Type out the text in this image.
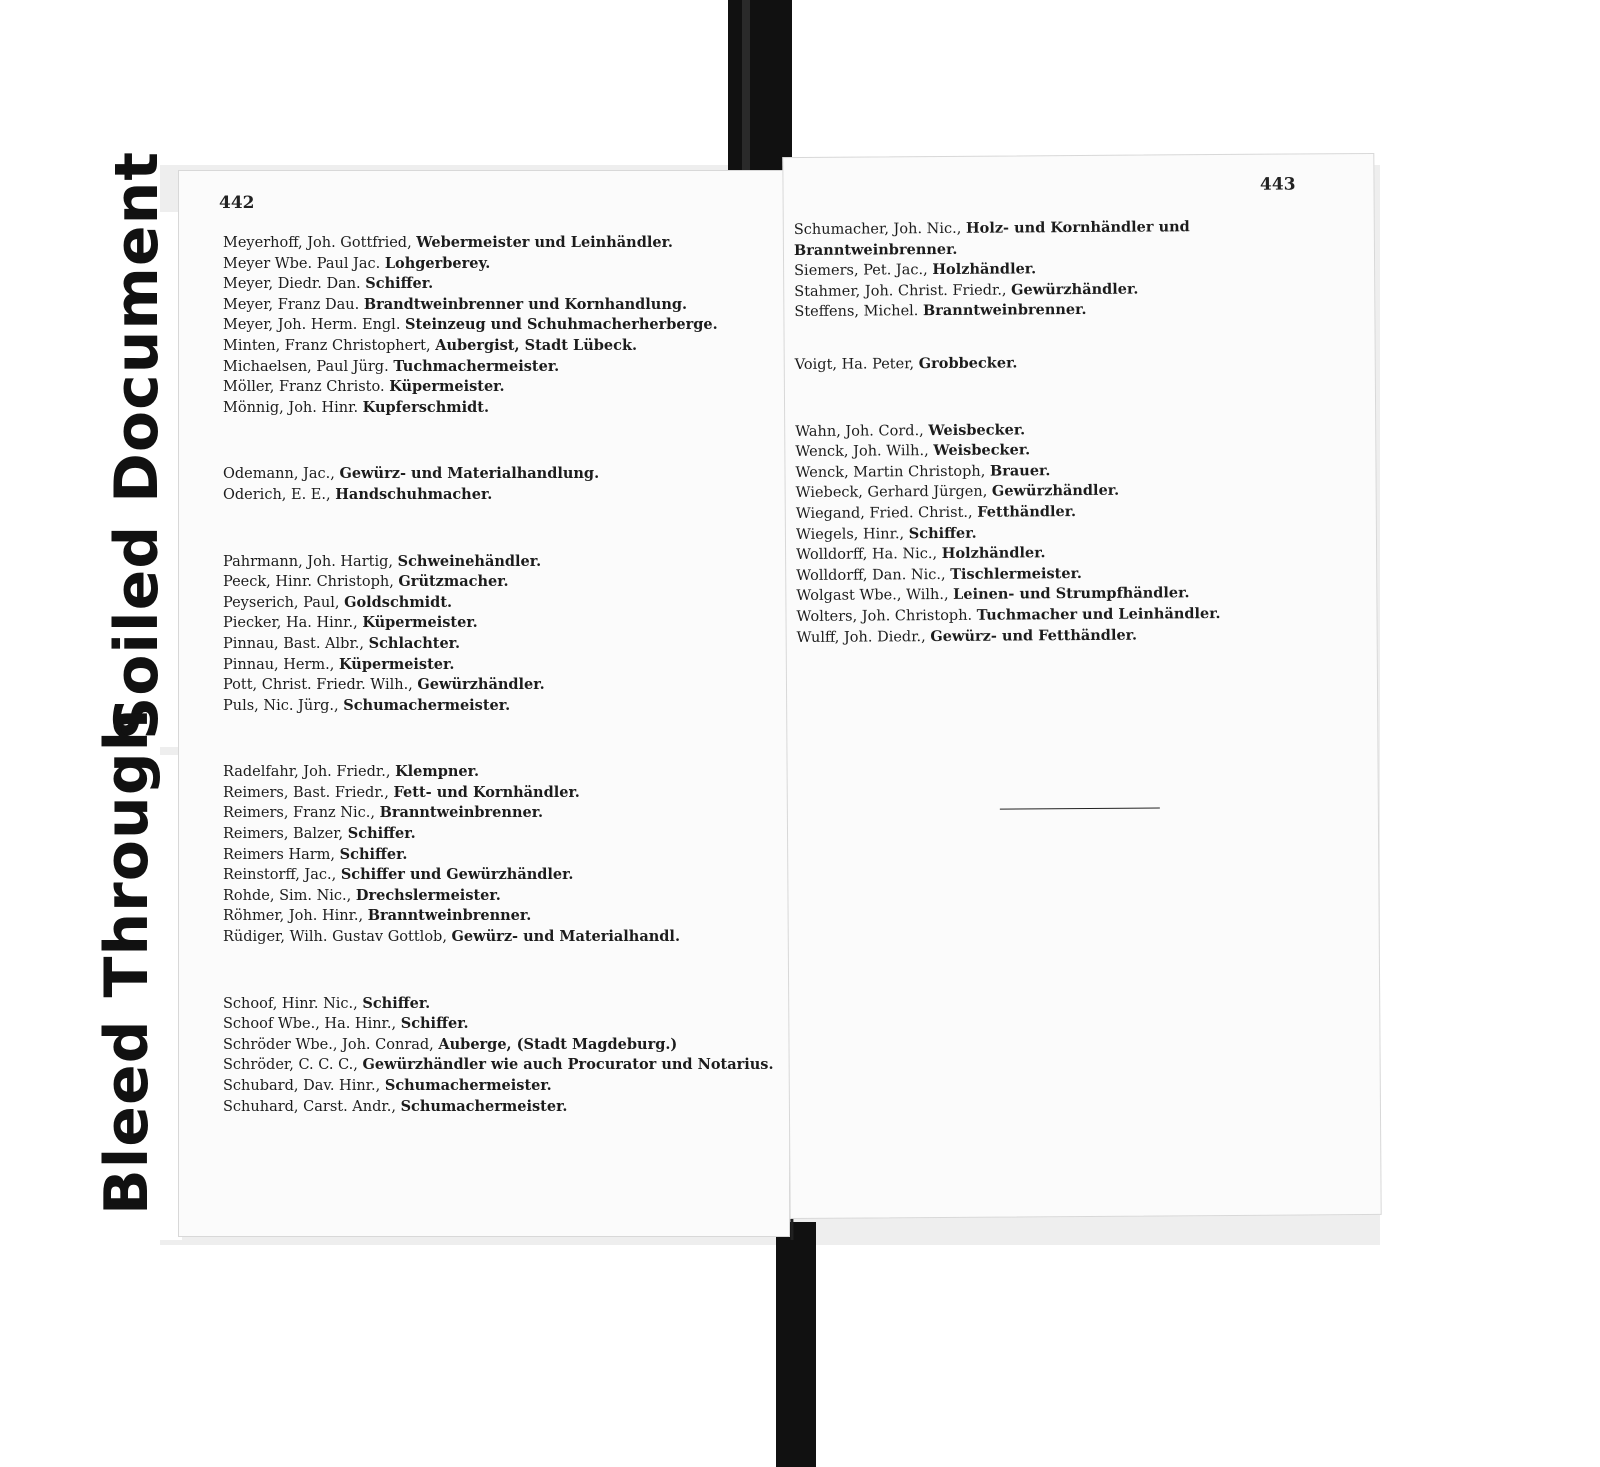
Soiled Document
Bleed Through
442
Meyerhoff, Joh. Gottfried, Webermeister und Leinhändler.
Meyer Wbe. Paul Jac. Lohgerberey.
Meyer, Diedr. Dan. Schiffer.
Meyer, Franz Dau. Brandtweinbrenner und Kornhandlung.
Meyer, Joh. Herm. Engl. Steinzeug und Schuhmacherherberge.
Minten, Franz Christophert, Aubergist, Stadt Lübeck.
Michaelsen, Paul Jürg. Tuchmachermeister.
Möller, Franz Christo. Küpermeister.
Mönnig, Joh. Hinr. Kupferschmidt.
Odemann, Jac., Gewürz- und Materialhandlung.
Oderich, E. E., Handschuhmacher.
Pahrmann, Joh. Hartig, Schweinehändler.
Peeck, Hinr. Christoph, Grützmacher.
Peyserich, Paul, Goldschmidt.
Piecker, Ha. Hinr., Küpermeister.
Pinnau, Bast. Albr., Schlachter.
Pinnau, Herm., Küpermeister.
Pott, Christ. Friedr. Wilh., Gewürzhändler.
Puls, Nic. Jürg., Schumachermeister.
Radelfahr, Joh. Friedr., Klempner.
Reimers, Bast. Friedr., Fett- und Kornhändler.
Reimers, Franz Nic., Branntweinbrenner.
Reimers, Balzer, Schiffer.
Reimers Harm, Schiffer.
Reinstorff, Jac., Schiffer und Gewürzhändler.
Rohde, Sim. Nic., Drechslermeister.
Röhmer, Joh. Hinr., Branntweinbrenner.
Rüdiger, Wilh. Gustav Gottlob, Gewürz- und Materialhandl.
Schoof, Hinr. Nic., Schiffer.
Schoof Wbe., Ha. Hinr., Schiffer.
Schröder Wbe., Joh. Conrad, Auberge, (Stadt Magdeburg.)
Schröder, C. C. C., Gewürzhändler wie auch Procurator und Notarius.
Schubard, Dav. Hinr., Schumachermeister.
Schuhard, Carst. Andr., Schumachermeister.
443
Schumacher, Joh. Nic., Holz- und Kornhändler und Branntweinbrenner.
Siemers, Pet. Jac., Holzhändler.
Stahmer, Joh. Christ. Friedr., Gewürzhändler.
Steffens, Michel. Branntweinbrenner.
Voigt, Ha. Peter, Grobbecker.
Wahn, Joh. Cord., Weisbecker.
Wenck, Joh. Wilh., Weisbecker.
Wenck, Martin Christoph, Brauer.
Wiebeck, Gerhard Jürgen, Gewürzhändler.
Wiegand, Fried. Christ., Fetthändler.
Wiegels, Hinr., Schiffer.
Wolldorff, Ha. Nic., Holzhändler.
Wolldorff, Dan. Nic., Tischlermeister.
Wolgast Wbe., Wilh., Leinen- und Strumpfhändler.
Wolters, Joh. Christoph. Tuchmacher und Leinhändler.
Wulff, Joh. Diedr., Gewürz- und Fetthändler.
